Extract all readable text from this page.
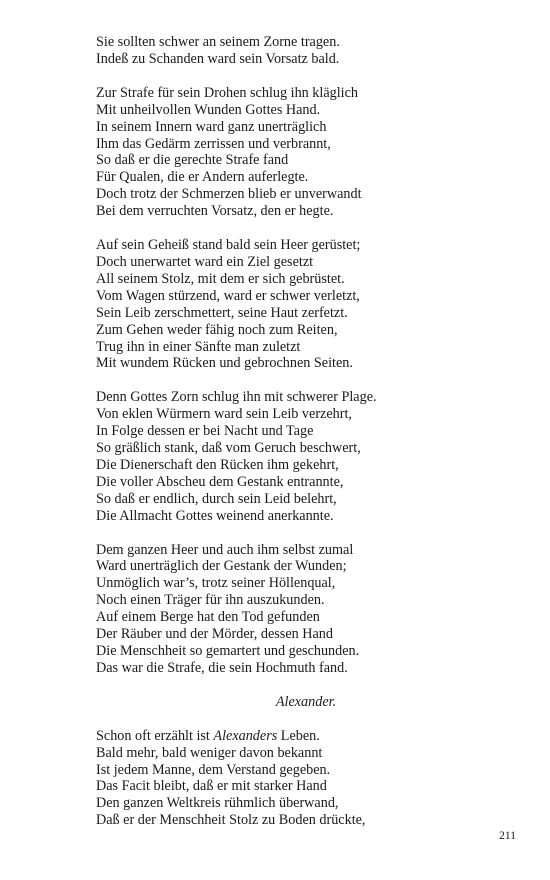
Sie sollten schwer an seinem Zorne tragen.
Indeß zu Schanden ward sein Vorsatz bald.
Zur Strafe für sein Drohen schlug ihn kläglich
Mit unheilvollen Wunden Gottes Hand.
In seinem Innern ward ganz unerträglich
Ihm das Gedärm zerrissen und verbrannt,
So daß er die gerechte Strafe fand
Für Qualen, die er Andern auferlegte.
Doch trotz der Schmerzen blieb er unverwandt
Bei dem verruchten Vorsatz, den er hegte.
Auf sein Geheiß stand bald sein Heer gerüstet;
Doch unerwartet ward ein Ziel gesetzt
All seinem Stolz, mit dem er sich gebrüstet.
Vom Wagen stürzend, ward er schwer verletzt,
Sein Leib zerschmettert, seine Haut zerfetzt.
Zum Gehen weder fähig noch zum Reiten,
Trug ihn in einer Sänfte man zuletzt
Mit wundem Rücken und gebrochnen Seiten.
Denn Gottes Zorn schlug ihn mit schwerer Plage.
Von eklen Würmern ward sein Leib verzehrt,
In Folge dessen er bei Nacht und Tage
So gräßlich stank, daß vom Geruch beschwert,
Die Dienerschaft den Rücken ihm gekehrt,
Die voller Abscheu dem Gestank entrannte,
So daß er endlich, durch sein Leid belehrt,
Die Allmacht Gottes weinend anerkannte.
Dem ganzen Heer und auch ihm selbst zumal
Ward unerträglich der Gestank der Wunden;
Unmöglich war’s, trotz seiner Höllenqual,
Noch einen Träger für ihn auszukunden.
Auf einem Berge hat den Tod gefunden
Der Räuber und der Mörder, dessen Hand
Die Menschheit so gemartert und geschunden.
Das war die Strafe, die sein Hochmuth fand.
Alexander.
Schon oft erzählt ist Alexanders Leben.
Bald mehr, bald weniger davon bekannt
Ist jedem Manne, dem Verstand gegeben.
Das Facit bleibt, daß er mit starker Hand
Den ganzen Weltkreis rühmlich überwand,
Daß er der Menschheit Stolz zu Boden drückte,
211
